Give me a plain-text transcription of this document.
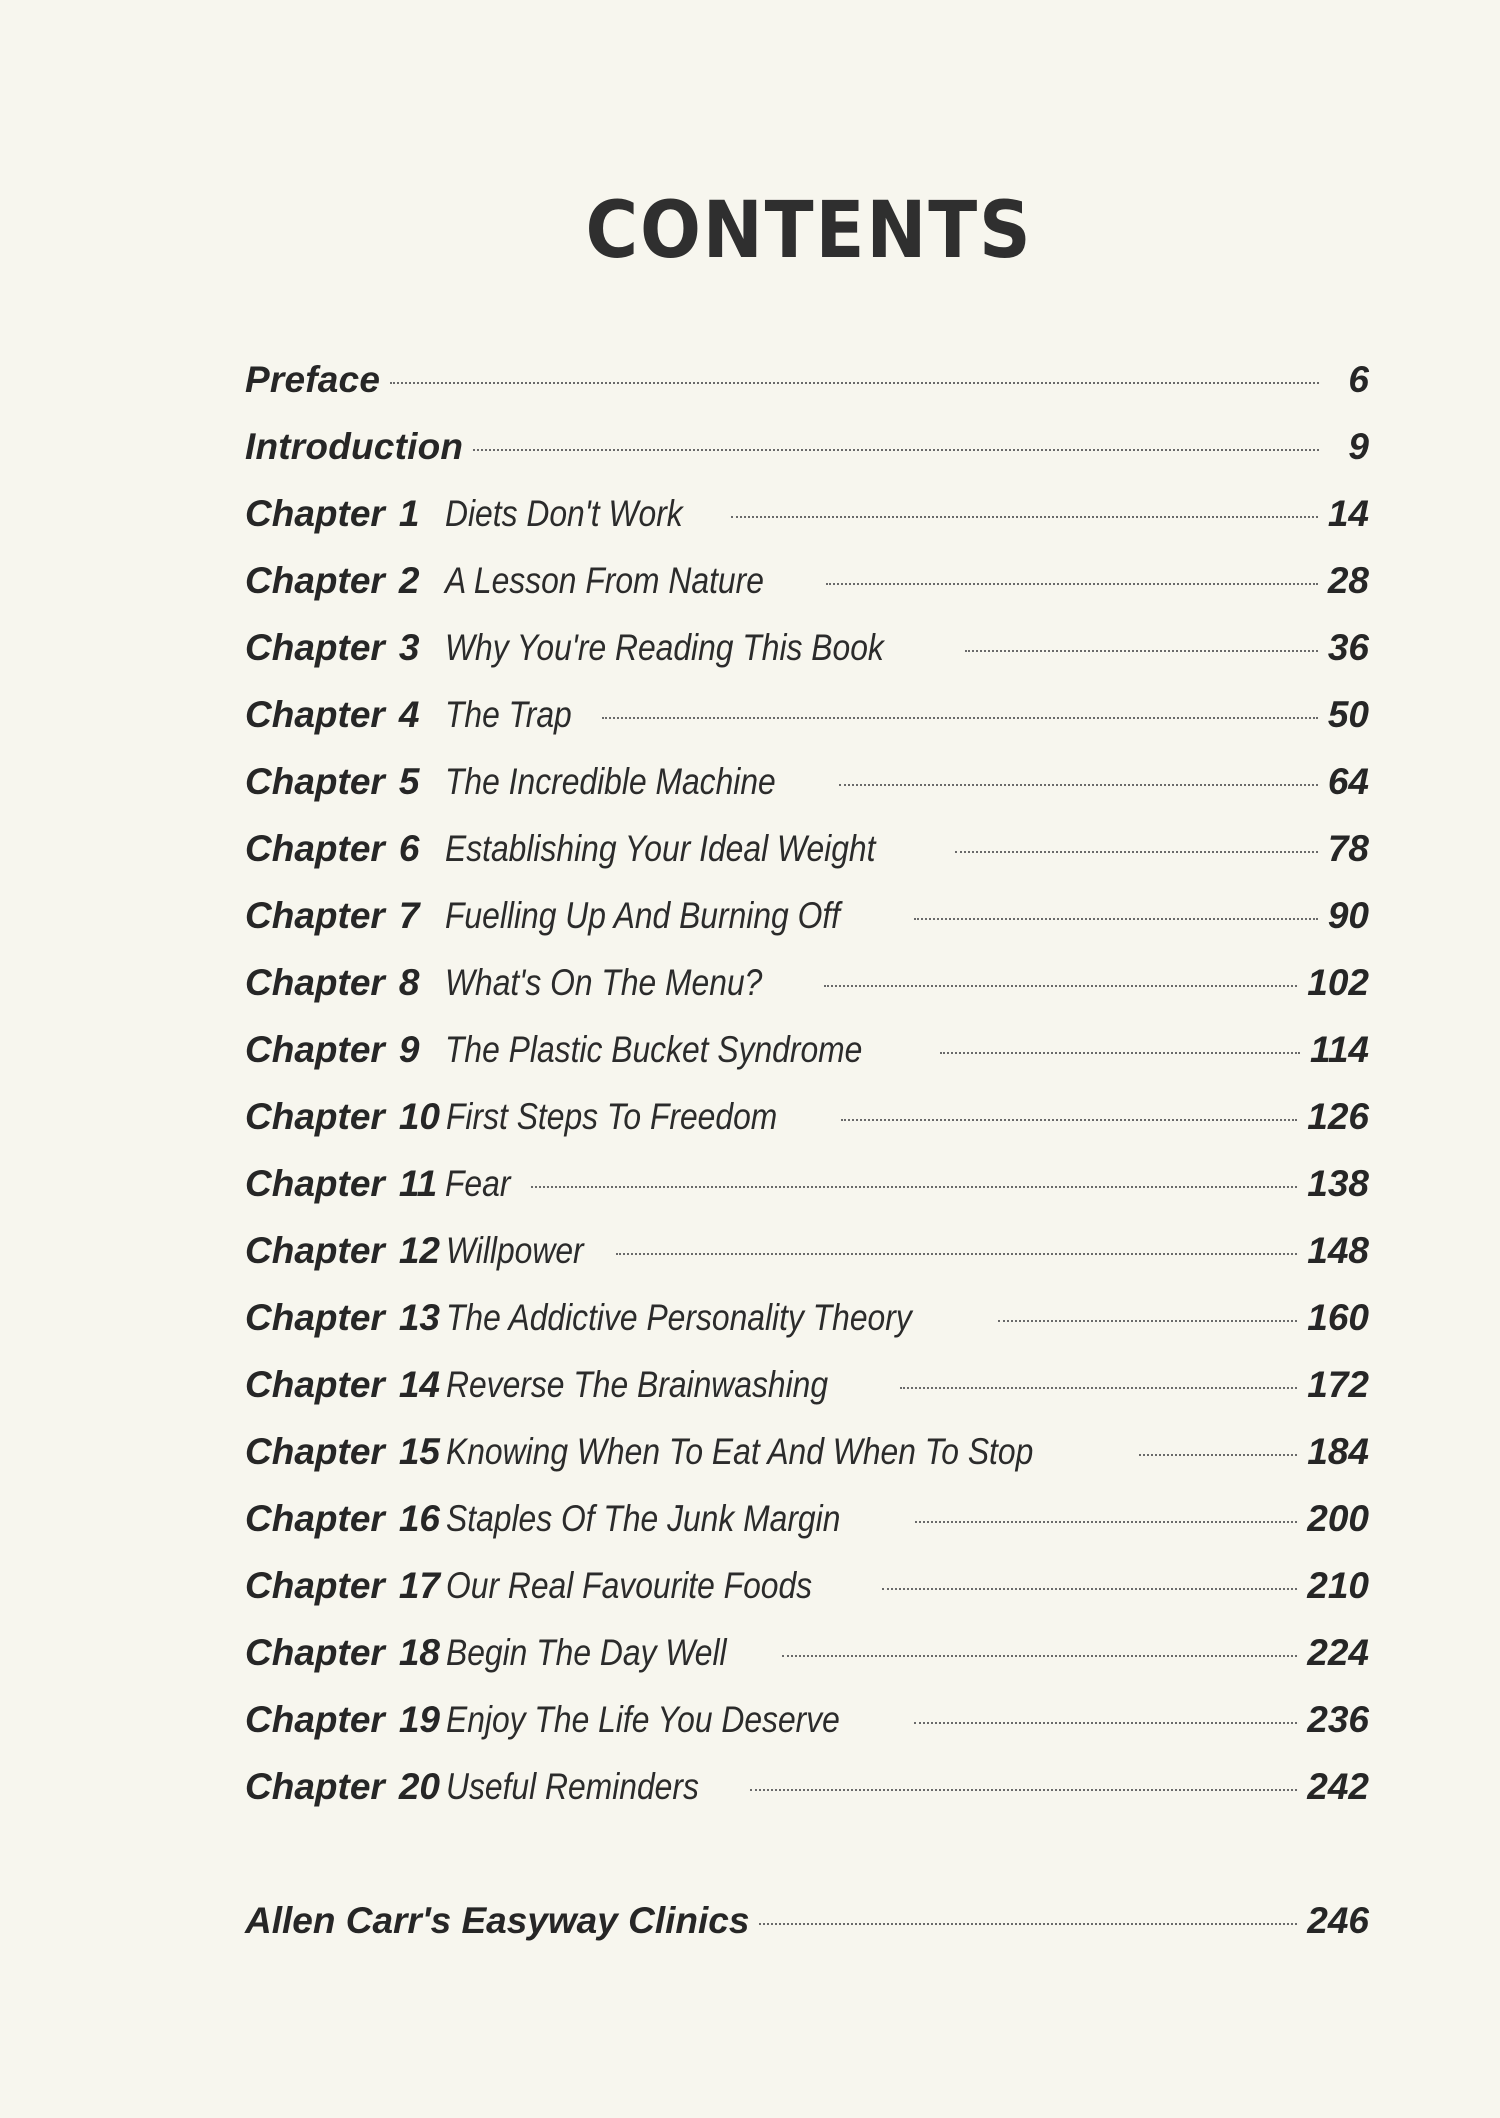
CONTENTS
Preface	6
Introduction	9
Chapter 1 Diets Don't Work	14
Chapter 2 A Lesson From Nature	28
Chapter 3 Why You're Reading This Book	36
Chapter 4 The Trap	50
Chapter 5 The Incredible Machine	64
Chapter 6 Establishing Your Ideal Weight	78
Chapter 7 Fuelling Up And Burning Off	90
Chapter 8 What's On The Menu?	102
Chapter 9 The Plastic Bucket Syndrome	114
Chapter 10 First Steps To Freedom	126
Chapter 11 Fear	138
Chapter 12 Willpower	148
Chapter 13 The Addictive Personality Theory	160
Chapter 14 Reverse The Brainwashing	172
Chapter 15 Knowing When To Eat And When To Stop	184
Chapter 16 Staples Of The Junk Margin	200
Chapter 17 Our Real Favourite Foods	210
Chapter 18 Begin The Day Well	224
Chapter 19 Enjoy The Life You Deserve	236
Chapter 20 Useful Reminders	242
Allen Carr's Easyway Clinics	246
